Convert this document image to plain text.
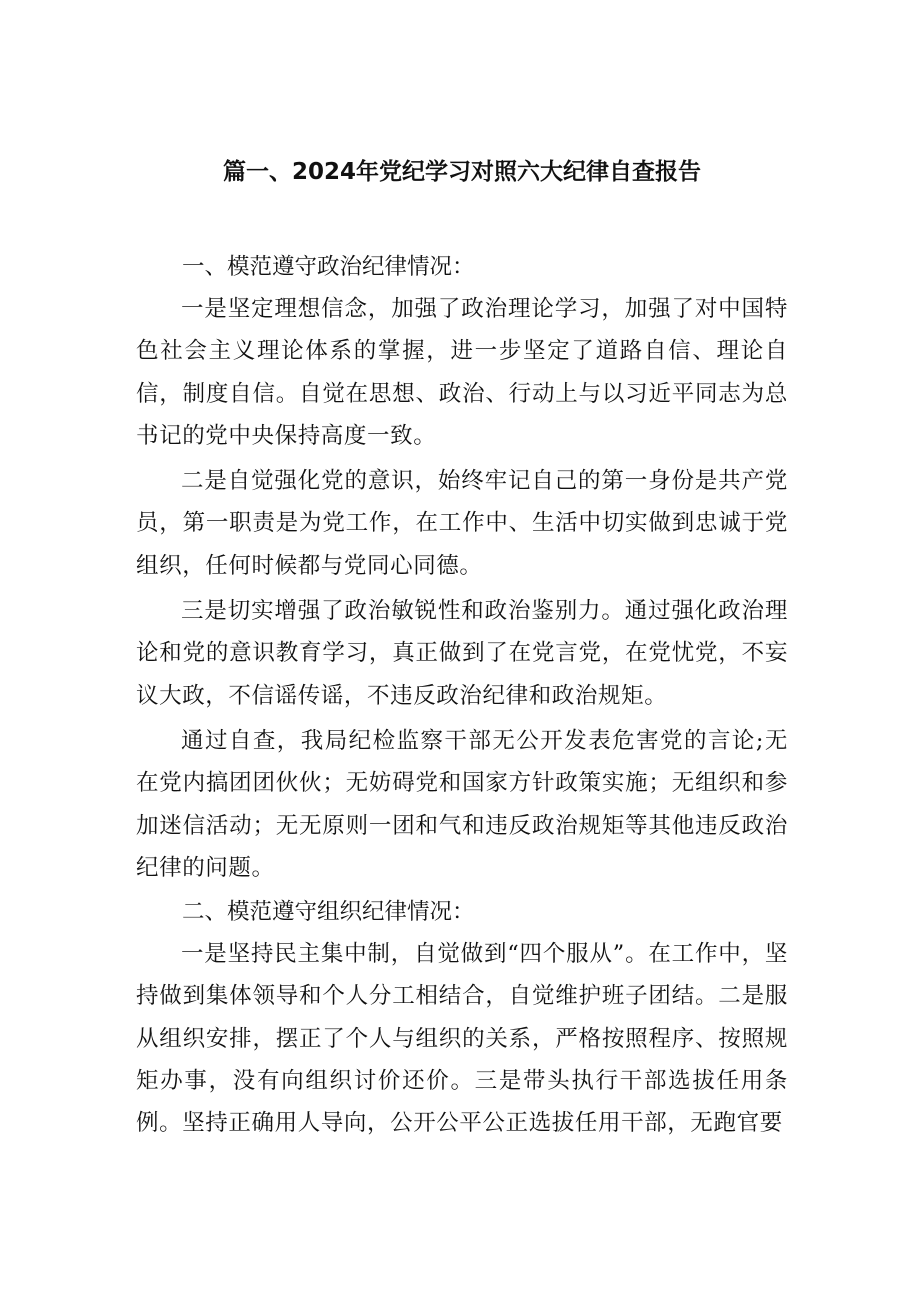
篇一、2024年党纪学习对照六大纪律自查报告

一、模范遵守政治纪律情况：

一是坚定理想信念，加强了政治理论学习，加强了对中国特色社会主义理论体系的掌握，进一步坚定了道路自信、理论自信，制度自信。自觉在思想、政治、行动上与以习近平同志为总书记的党中央保持高度一致。

二是自觉强化党的意识，始终牢记自己的第一身份是共产党员，第一职责是为党工作，在工作中、生活中切实做到忠诚于党组织，任何时候都与党同心同德。

三是切实增强了政治敏锐性和政治鉴别力。通过强化政治理论和党的意识教育学习，真正做到了在党言党，在党忧党，不妄议大政，不信谣传谣，不违反政治纪律和政治规矩。

通过自查，我局纪检监察干部无公开发表危害党的言论;无在党内搞团团伙伙；无妨碍党和国家方针政策实施；无组织和参加迷信活动；无无原则一团和气和违反政治规矩等其他违反政治纪律的问题。

二、模范遵守组织纪律情况：

一是坚持民主集中制，自觉做到“四个服从”。在工作中，坚持做到集体领导和个人分工相结合，自觉维护班子团结。二是服从组织安排，摆正了个人与组织的关系，严格按照程序、按照规矩办事，没有向组织讨价还价。三是带头执行干部选拔任用条例。坚持正确用人导向，公开公平公正选拔任用干部，无跑官要
